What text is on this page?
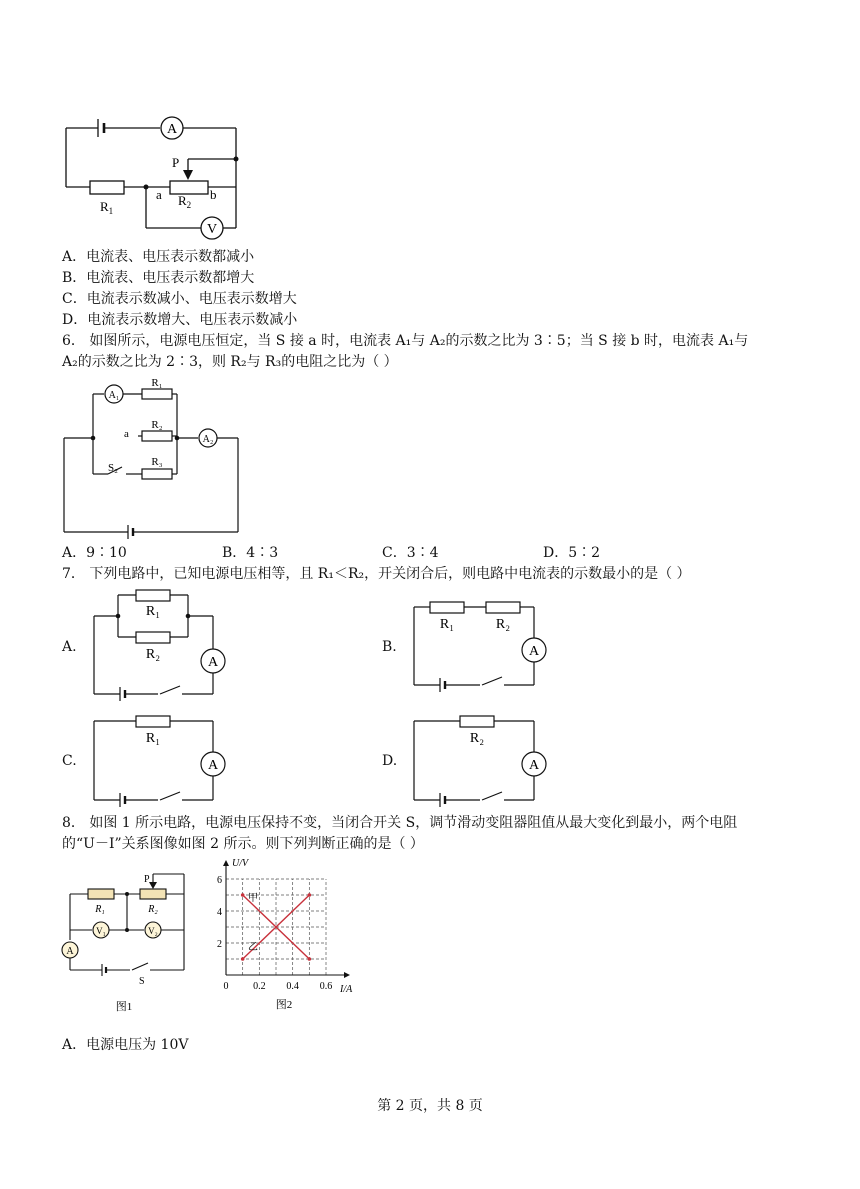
A
V
P
a	b
$R_1$
$R_2$
A．电流表、电压表示数都减小
B．电流表、电压表示数都增大
C．电流表示数减小、电压表示数增大
D．电流表示数增大、电压表示数减小
6． 如图所示，电源电压恒定，当 S 接 a 时，电流表 A₁与 A₂的示数之比为 3∶5；当 S 接 b 时，电流表 A₁与
A₂的示数之比为 2∶3，则 R₂与 R₃的电阻之比为（ ）
A₁
A₂
R₁
R₂
R₃
a
S₂
A．9∶10	B．4∶3	C．3∶4	D．5∶2
7． 下列电路中，已知电源电压相等，且 R₁＜R₂，开关闭合后，则电路中电流表的示数最小的是（ ）
A.	B.
C.	D.
R₁
R₂
A
R₁	R₂
A
R₁
A
R₂
A
8． 如图 1 所示电路，电源电压保持不变，当闭合开关 S，调节滑动变阻器阻值从最大变化到最小，两个电阻
的“U－I”关系图像如图 2 所示。则下列判断正确的是（ ）
P
R₁	R₂
V₁	V₂
A
S
图1
0 0.2 0.4 0.6
2
4
6
U/V
I/A
甲
乙
图2
A．电源电压为 10V
第 2 页，共 8 页
